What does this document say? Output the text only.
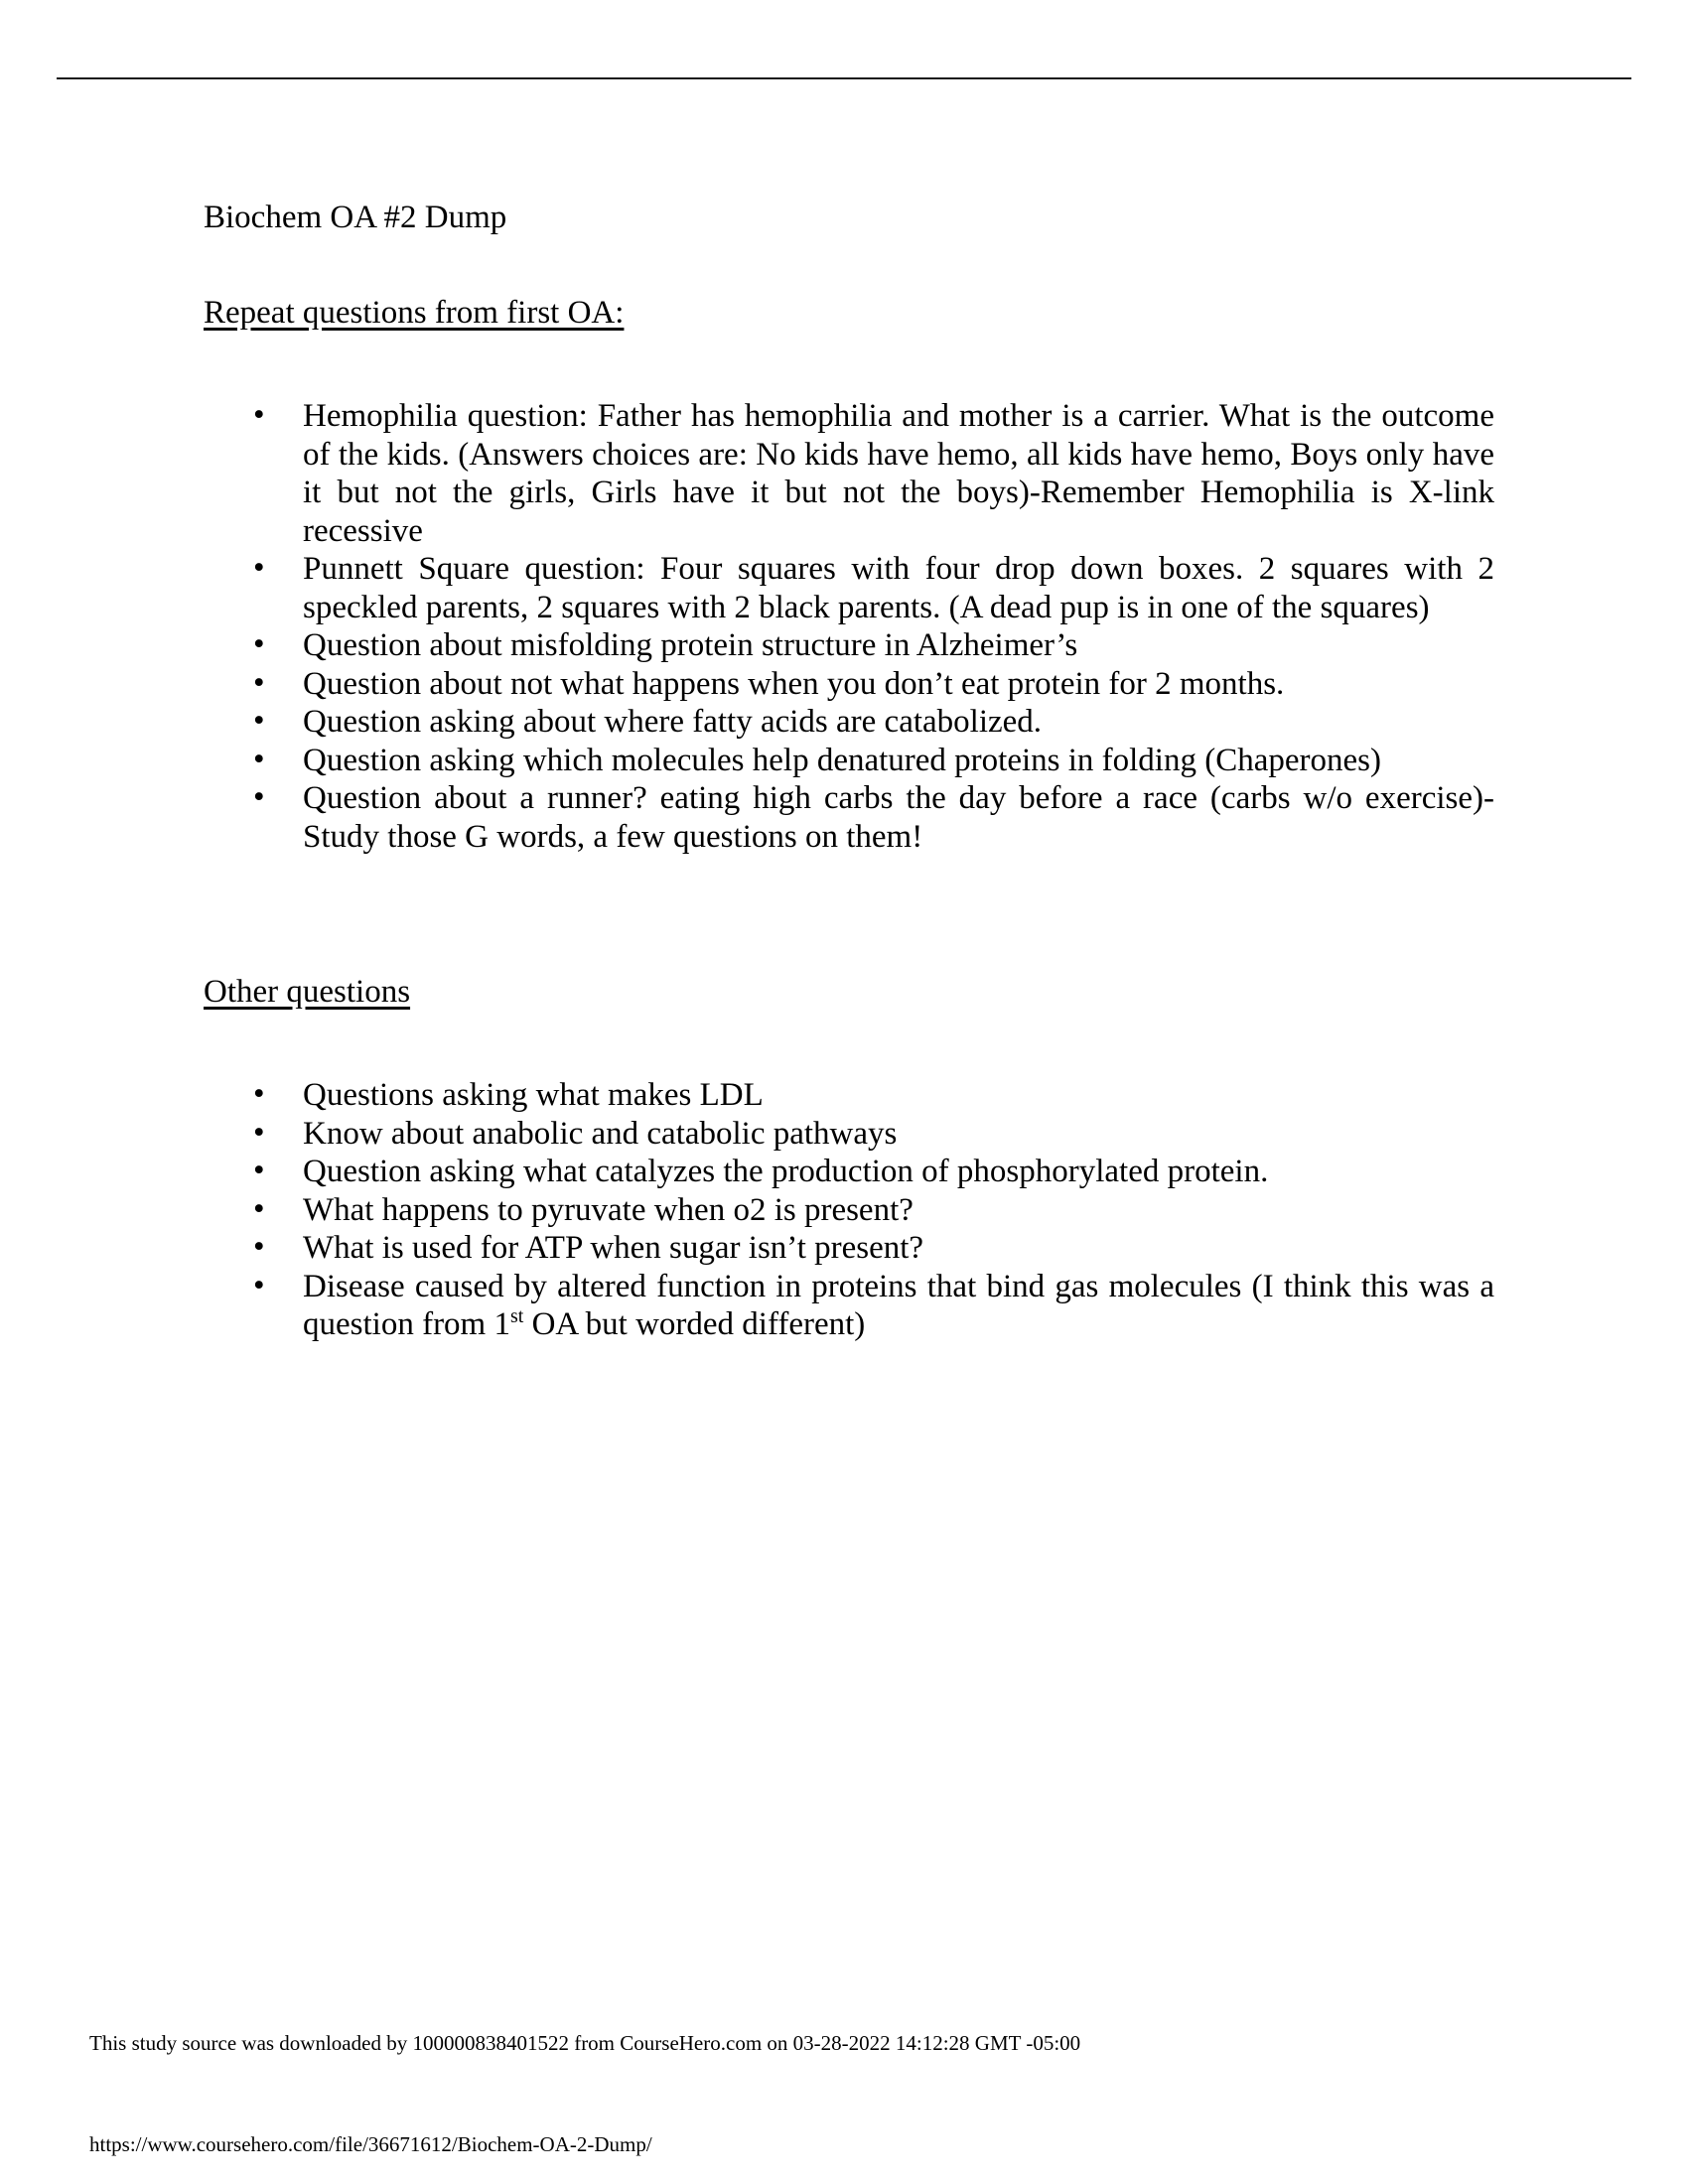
Biochem OA #2 Dump

Repeat questions from first OA:

• Hemophilia question: Father has hemophilia and mother is a carrier. What is the outcome of the kids. (Answers choices are: No kids have hemo, all kids have hemo, Boys only have it but not the girls, Girls have it but not the boys)-Remember Hemophilia is X-link recessive
• Punnett Square question: Four squares with four drop down boxes. 2 squares with 2 speckled parents, 2 squares with 2 black parents. (A dead pup is in one of the squares)
• Question about misfolding protein structure in Alzheimer’s
• Question about not what happens when you don’t eat protein for 2 months.
• Question asking about where fatty acids are catabolized.
• Question asking which molecules help denatured proteins in folding (Chaperones)
• Question about a runner? eating high carbs the day before a race (carbs w/o exercise)-Study those G words, a few questions on them!

Other questions

• Questions asking what makes LDL
• Know about anabolic and catabolic pathways
• Question asking what catalyzes the production of phosphorylated protein.
• What happens to pyruvate when o2 is present?
• What is used for ATP when sugar isn’t present?
• Disease caused by altered function in proteins that bind gas molecules (I think this was a question from 1st OA but worded different)
This study source was downloaded by 100000838401522 from CourseHero.com on 03-28-2022 14:12:28 GMT -05:00
https://www.coursehero.com/file/36671612/Biochem-OA-2-Dump/
